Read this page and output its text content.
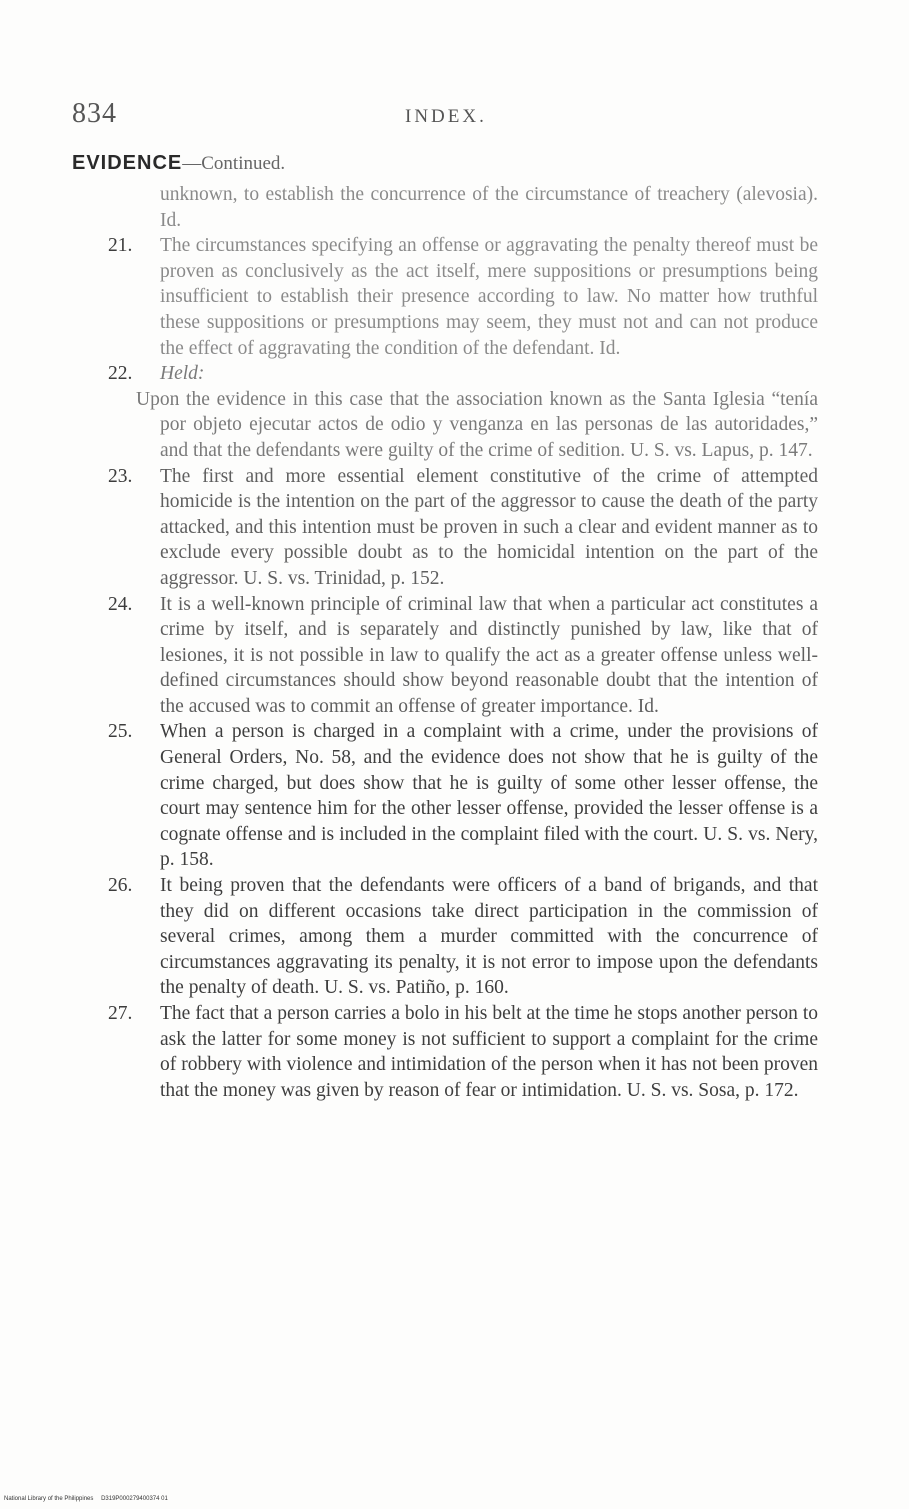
834	INDEX.
EVIDENCE—Continued.

unknown, to establish the concurrence of the circumstance of treachery (alevosia). Id.

21. The circumstances specifying an offense or aggravating the penalty thereof must be proven as conclusively as the act itself, mere suppositions or presumptions being insufficient to establish their presence according to law. No matter how truthful these suppositions or presumptions may seem, they must not and can not produce the effect of aggravating the condition of the defendant. Id.

22. Held:

Upon the evidence in this case that the association known as the Santa Iglesia “tenía por objeto ejecutar actos de odio y venganza en las personas de las autoridades,” and that the defendants were guilty of the crime of sedition. U. S. vs. Lapus, p. 147.

23. The first and more essential element constitutive of the crime of attempted homicide is the intention on the part of the aggressor to cause the death of the party attacked, and this intention must be proven in such a clear and evident manner as to exclude every possible doubt as to the homicidal intention on the part of the aggressor. U. S. vs. Trinidad, p. 152.

24. It is a well-known principle of criminal law that when a particular act constitutes a crime by itself, and is separately and distinctly punished by law, like that of lesiones, it is not possible in law to qualify the act as a greater offense unless well-defined circumstances should show beyond reasonable doubt that the intention of the accused was to commit an offense of greater importance. Id.

25. When a person is charged in a complaint with a crime, under the provisions of General Orders, No. 58, and the evidence does not show that he is guilty of the crime charged, but does show that he is guilty of some other lesser offense, the court may sentence him for the other lesser offense, provided the lesser offense is a cognate offense and is included in the complaint filed with the court. U. S. vs. Nery, p. 158.

26. It being proven that the defendants were officers of a band of brigands, and that they did on different occasions take direct participation in the commission of several crimes, among them a murder committed with the concurrence of circumstances aggravating its penalty, it is not error to impose upon the defendants the penalty of death. U. S. vs. Patiño, p. 160.

27. The fact that a person carries a bolo in his belt at the time he stops another person to ask the latter for some money is not sufficient to support a complaint for the crime of robbery with violence and intimidation of the person when it has not been proven that the money was given by reason of fear or intimidation. U. S. vs. Sosa, p. 172.

National Library of the Philippines D319P000279400374 01
